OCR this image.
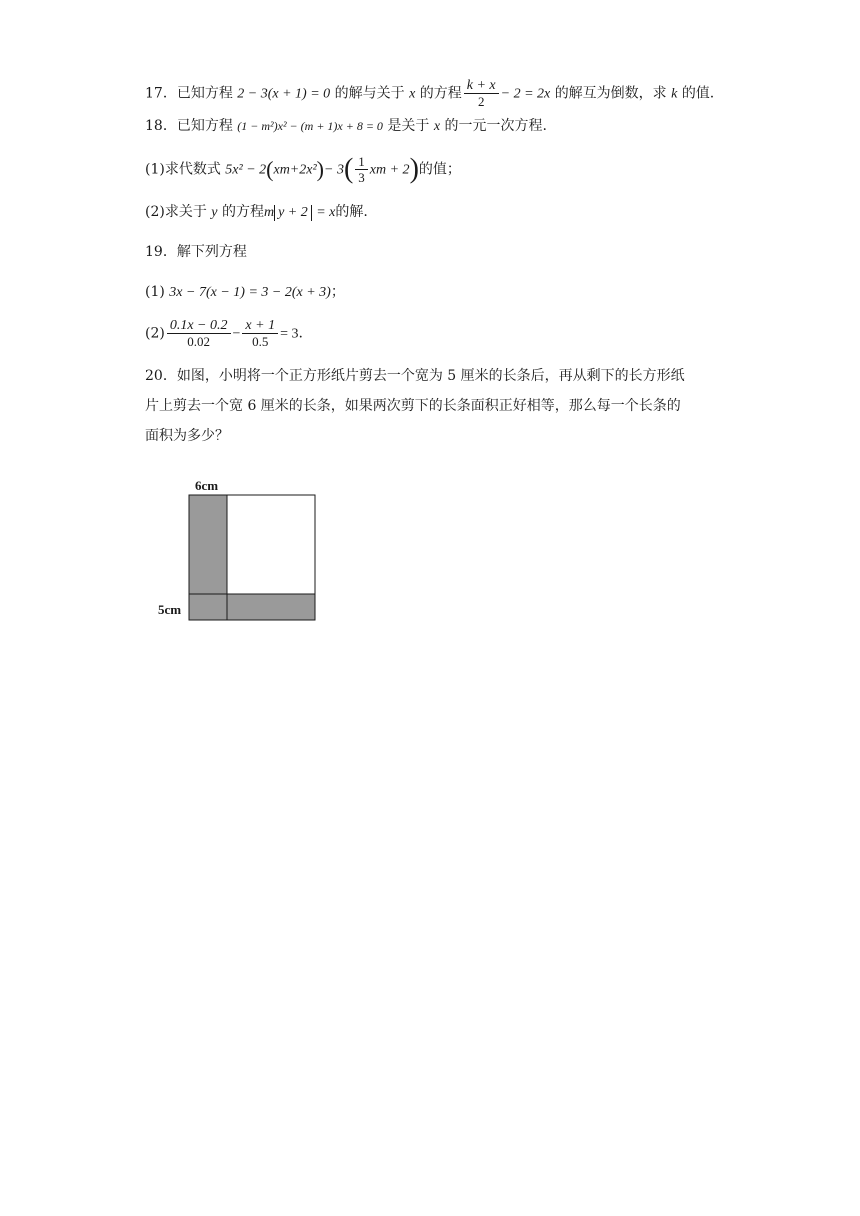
17．已知方程 2 − 3(x + 1) = 0 的解与关于 x 的方程 $\frac{k + x}{2} - 2 = 2x$ 的解互为倒数，求 k 的值.
18．已知方程 (1 − m²)x² − (m + 1)x + 8 = 0 是关于 x 的一元一次方程.
(1)求代数式 $5x^2 - 2(xm+2x^2)- 3( \frac{1}{3}$ xm + 2)的值；
(2)求关于 y 的方程m y + 2 = x的解.
19．解下列方程
(1) 3x − 7(x − 1) = 3 − 2(x + 3)；
$(2) \frac{0.1x - 0.2}{0.02} - \frac{x + 1}{0.5} = 3$.
20．如图，小明将一个正方形纸片剪去一个宽为 5 厘米的长条后，再从剩下的长方形纸
片上剪去一个宽 6 厘米的长条，如果两次剪下的长条面积正好相等，那么每一个长条的
面积为多少？
6cm
5cm
